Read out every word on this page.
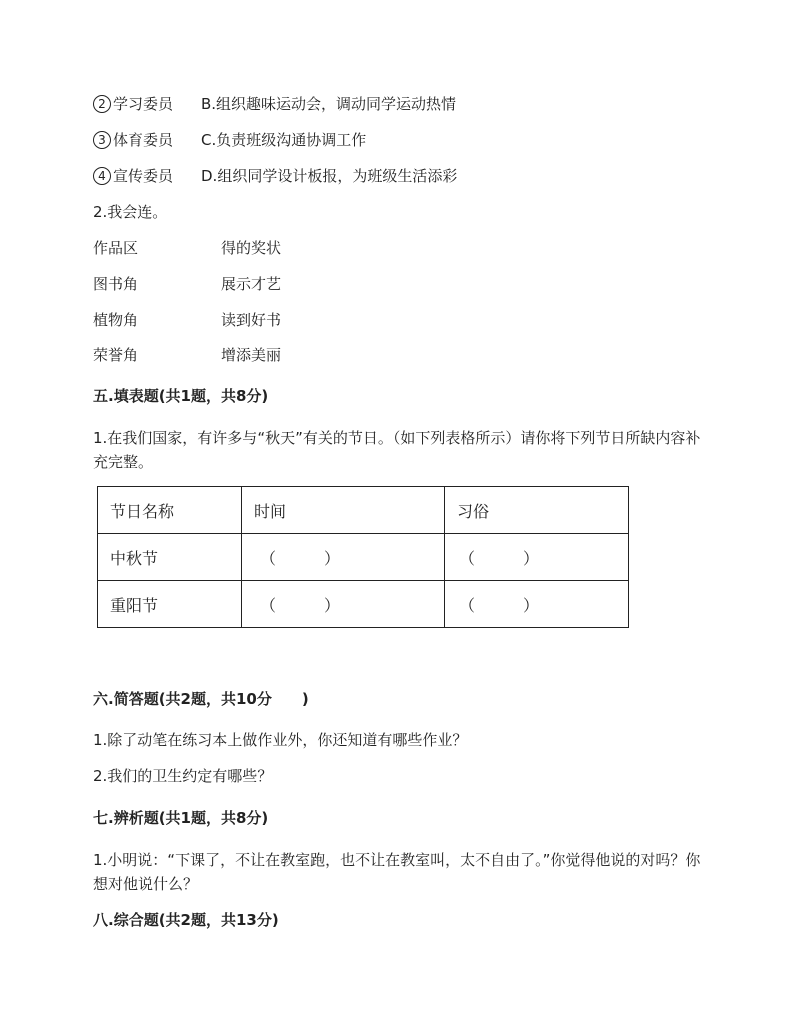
2 学习委员 B.组织趣味运动会，调动同学运动热情
3 体育委员 C.负责班级沟通协调工作
4 宣传委员 D.组织同学设计板报，为班级生活添彩
2.我会连。
作品区	得的奖状
图书角	展示才艺
植物角	读到好书
荣誉角	增添美丽
五.填表题(共1题，共8分)
1.在我们国家，有许多与“秋天”有关的节日。（如下列表格所示）请你将下列节日所缺内容补充完整。
节日名称	时间	习俗
中秋节	（　　　）	（　　　）
重阳节	（　　　）	（　　　）
六.简答题(共2题，共10分　　)
1.除了动笔在练习本上做作业外，你还知道有哪些作业？
2.我们的卫生约定有哪些？
七.辨析题(共1题，共8分)
1.小明说：“下课了，不让在教室跑，也不让在教室叫，太不自由了。”你觉得他说的对吗？你想对他说什么？
八.综合题(共2题，共13分)
